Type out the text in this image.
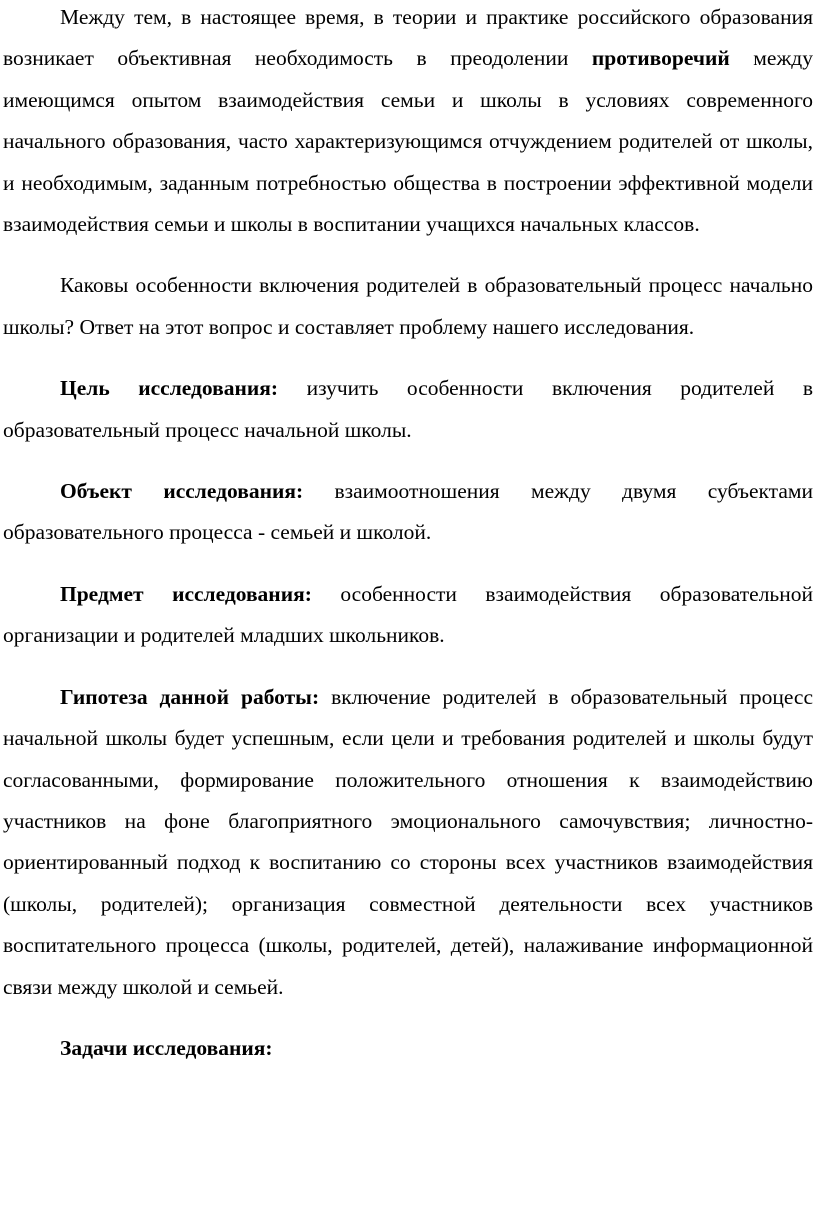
Между тем, в настоящее время, в теории и практике российского образования возникает объективная необходимость в преодолении противоречий между имеющимся опытом взаимодействия семьи и школы в условиях современного начального образования, часто характеризующимся отчуждением родителей от школы, и необходимым, заданным потребностью общества в построении эффективной модели взаимодействия семьи и школы в воспитании учащихся начальных классов.

Каковы особенности включения родителей в образовательный процесс начально школы? Ответ на этот вопрос и составляет проблему нашего исследования.

Цель исследования: изучить особенности включения родителей в образовательный процесс начальной школы.

Объект исследования: взаимоотношения между двумя субъектами образовательного процесса - семьей и школой.

Предмет исследования: особенности взаимодействия образовательной организации и родителей младших школьников.

Гипотеза данной работы: включение родителей в образовательный процесс начальной школы будет успешным, если цели и требования родителей и школы будут согласованными, формирование положительного отношения к взаимодействию участников на фоне благоприятного эмоционального самочувствия; личностно-ориентированный подход к воспитанию со стороны всех участников взаимодействия (школы, родителей); организация совместной деятельности всех участников воспитательного процесса (школы, родителей, детей), налаживание информационной связи между школой и семьей.

Задачи исследования:
